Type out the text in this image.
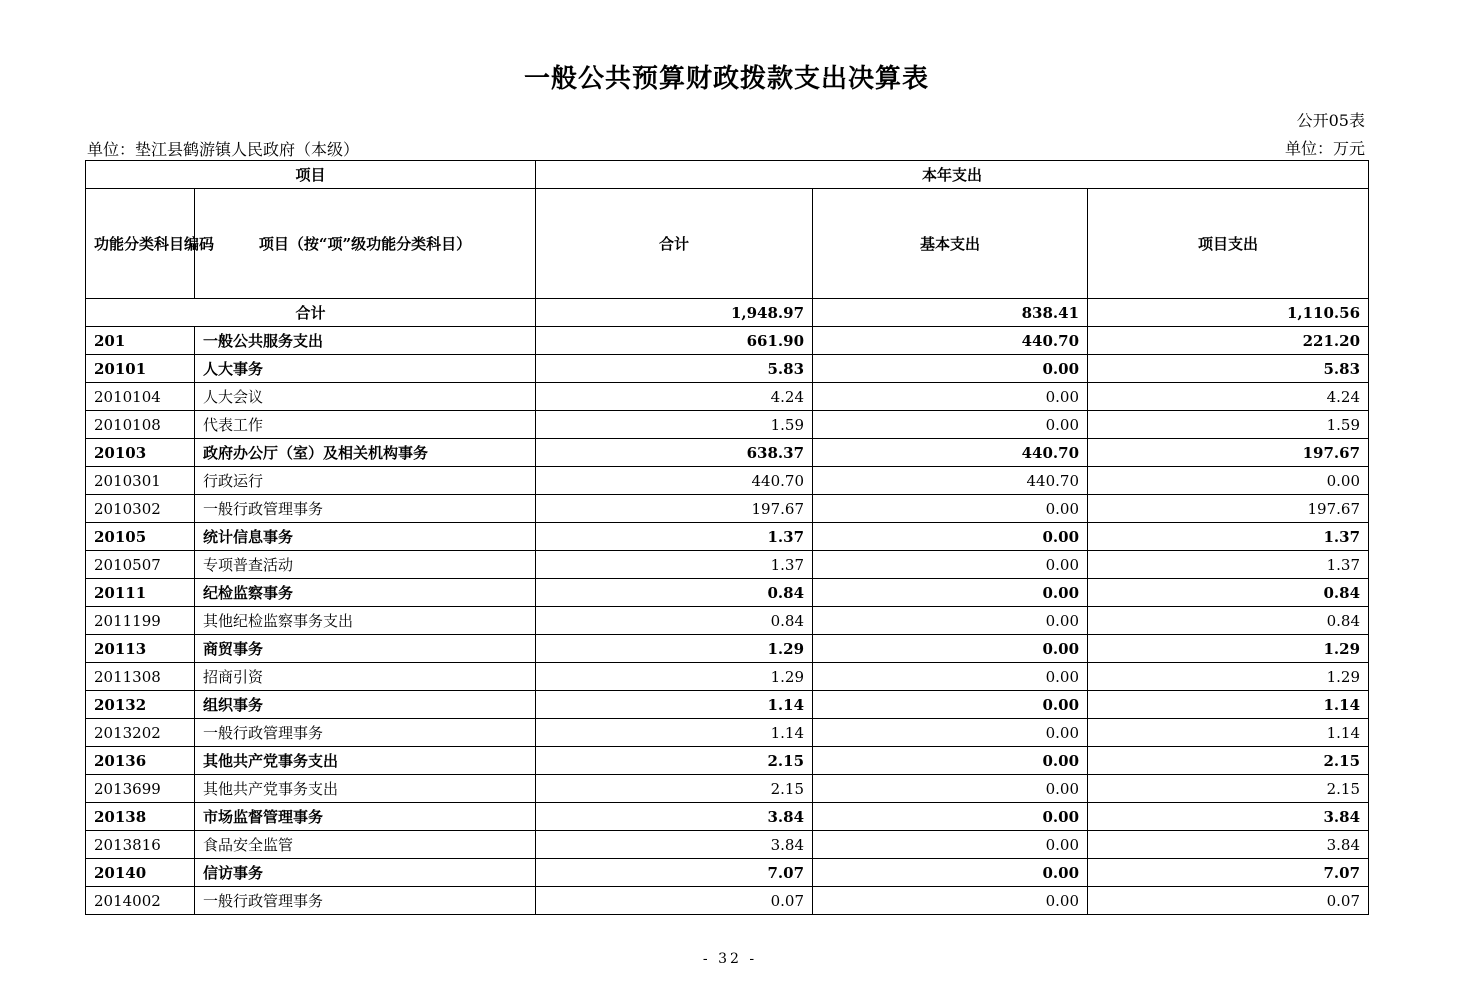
一般公共预算财政拨款支出决算表
公开05表
单位：垫江县鹤游镇人民政府（本级）	单位：万元
项目		本年支出		
功能分类科目编码	项目（按“项”级功能分类科目）	合计	基本支出	项目支出
合计		1,948.97	838.41	1,110.56
201	一般公共服务支出	661.90	440.70	221.20
20101	人大事务	5.83	0.00	5.83
2010104	人大会议	4.24	0.00	4.24
2010108	代表工作	1.59	0.00	1.59
20103	政府办公厅（室）及相关机构事务	638.37	440.70	197.67
2010301	行政运行	440.70	440.70	0.00
2010302	一般行政管理事务	197.67	0.00	197.67
20105	统计信息事务	1.37	0.00	1.37
2010507	专项普查活动	1.37	0.00	1.37
20111	纪检监察事务	0.84	0.00	0.84
2011199	其他纪检监察事务支出	0.84	0.00	0.84
20113	商贸事务	1.29	0.00	1.29
2011308	招商引资	1.29	0.00	1.29
20132	组织事务	1.14	0.00	1.14
2013202	一般行政管理事务	1.14	0.00	1.14
20136	其他共产党事务支出	2.15	0.00	2.15
2013699	其他共产党事务支出	2.15	0.00	2.15
20138	市场监督管理事务	3.84	0.00	3.84
2013816	食品安全监管	3.84	0.00	3.84
20140	信访事务	7.07	0.00	7.07
2014002	一般行政管理事务	0.07	0.00	0.07
- 32 -
